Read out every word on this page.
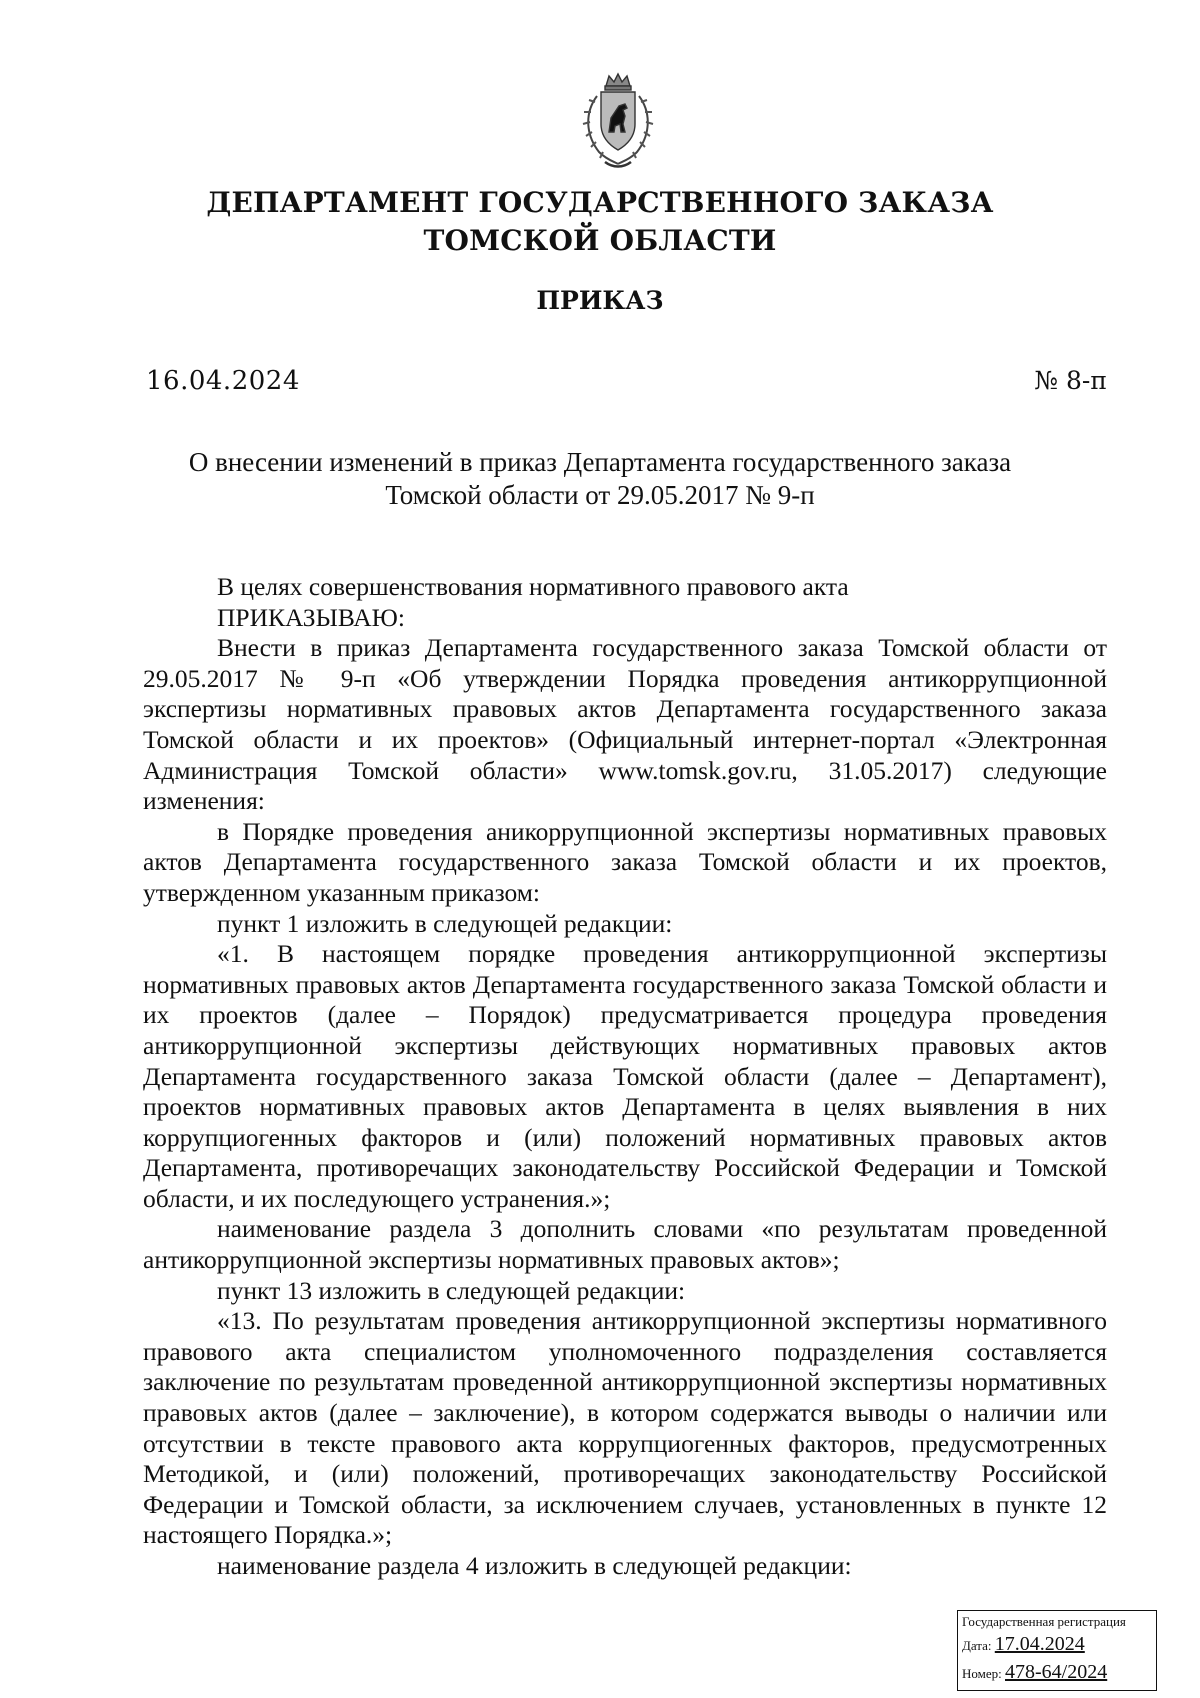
ДЕПАРТАМЕНТ ГОСУДАРСТВЕННОГО ЗАКАЗА
ТОМСКОЙ ОБЛАСТИ
ПРИКАЗ
16.04.2024	№ 8-п
О внесении изменений в приказ Департамента государственного заказа
Томской области от 29.05.2017 № 9-п

В целях совершенствования нормативного правового акта

ПРИКАЗЫВАЮ:

Внести в приказ Департамента государственного заказа Томской области от 29.05.2017 № 9-п «Об утверждении Порядка проведения антикоррупционной экспертизы нормативных правовых актов Департамента государственного заказа Томской области и их проектов» (Официальный интернет-портал «Электронная Администрация Томской области» www.tomsk.gov.ru, 31.05.2017) следующие изменения:

в Порядке проведения аникоррупционной экспертизы нормативных правовых актов Департамента государственного заказа Томской области и их проектов, утвержденном указанным приказом:

пункт 1 изложить в следующей редакции:

«1. В настоящем порядке проведения антикоррупционной экспертизы нормативных правовых актов Департамента государственного заказа Томской области и их проектов (далее – Порядок) предусматривается процедура проведения антикоррупционной экспертизы действующих нормативных правовых актов Департамента государственного заказа Томской области (далее – Департамент), проектов нормативных правовых актов Департамента в целях выявления в них коррупциогенных факторов и (или) положений нормативных правовых актов Департамента, противоречащих законодательству Российской Федерации и Томской области, и их последующего устранения.»;

наименование раздела 3 дополнить словами «по результатам проведенной антикоррупционной экспертизы нормативных правовых актов»;

пункт 13 изложить в следующей редакции:

«13. По результатам проведения антикоррупционной экспертизы нормативного правового акта специалистом уполномоченного подразделения составляется заключение по результатам проведенной антикоррупционной экспертизы нормативных правовых актов (далее – заключение), в котором содержатся выводы о наличии или отсутствии в тексте правового акта коррупциогенных факторов, предусмотренных Методикой, и (или) положений, противоречащих законодательству Российской Федерации и Томской области, за исключением случаев, установленных в пункте 12 настоящего Порядка.»;

наименование раздела 4 изложить в следующей редакции:

Государственная регистрация
Дата: 17.04.2024
Номер: 478-64/2024
